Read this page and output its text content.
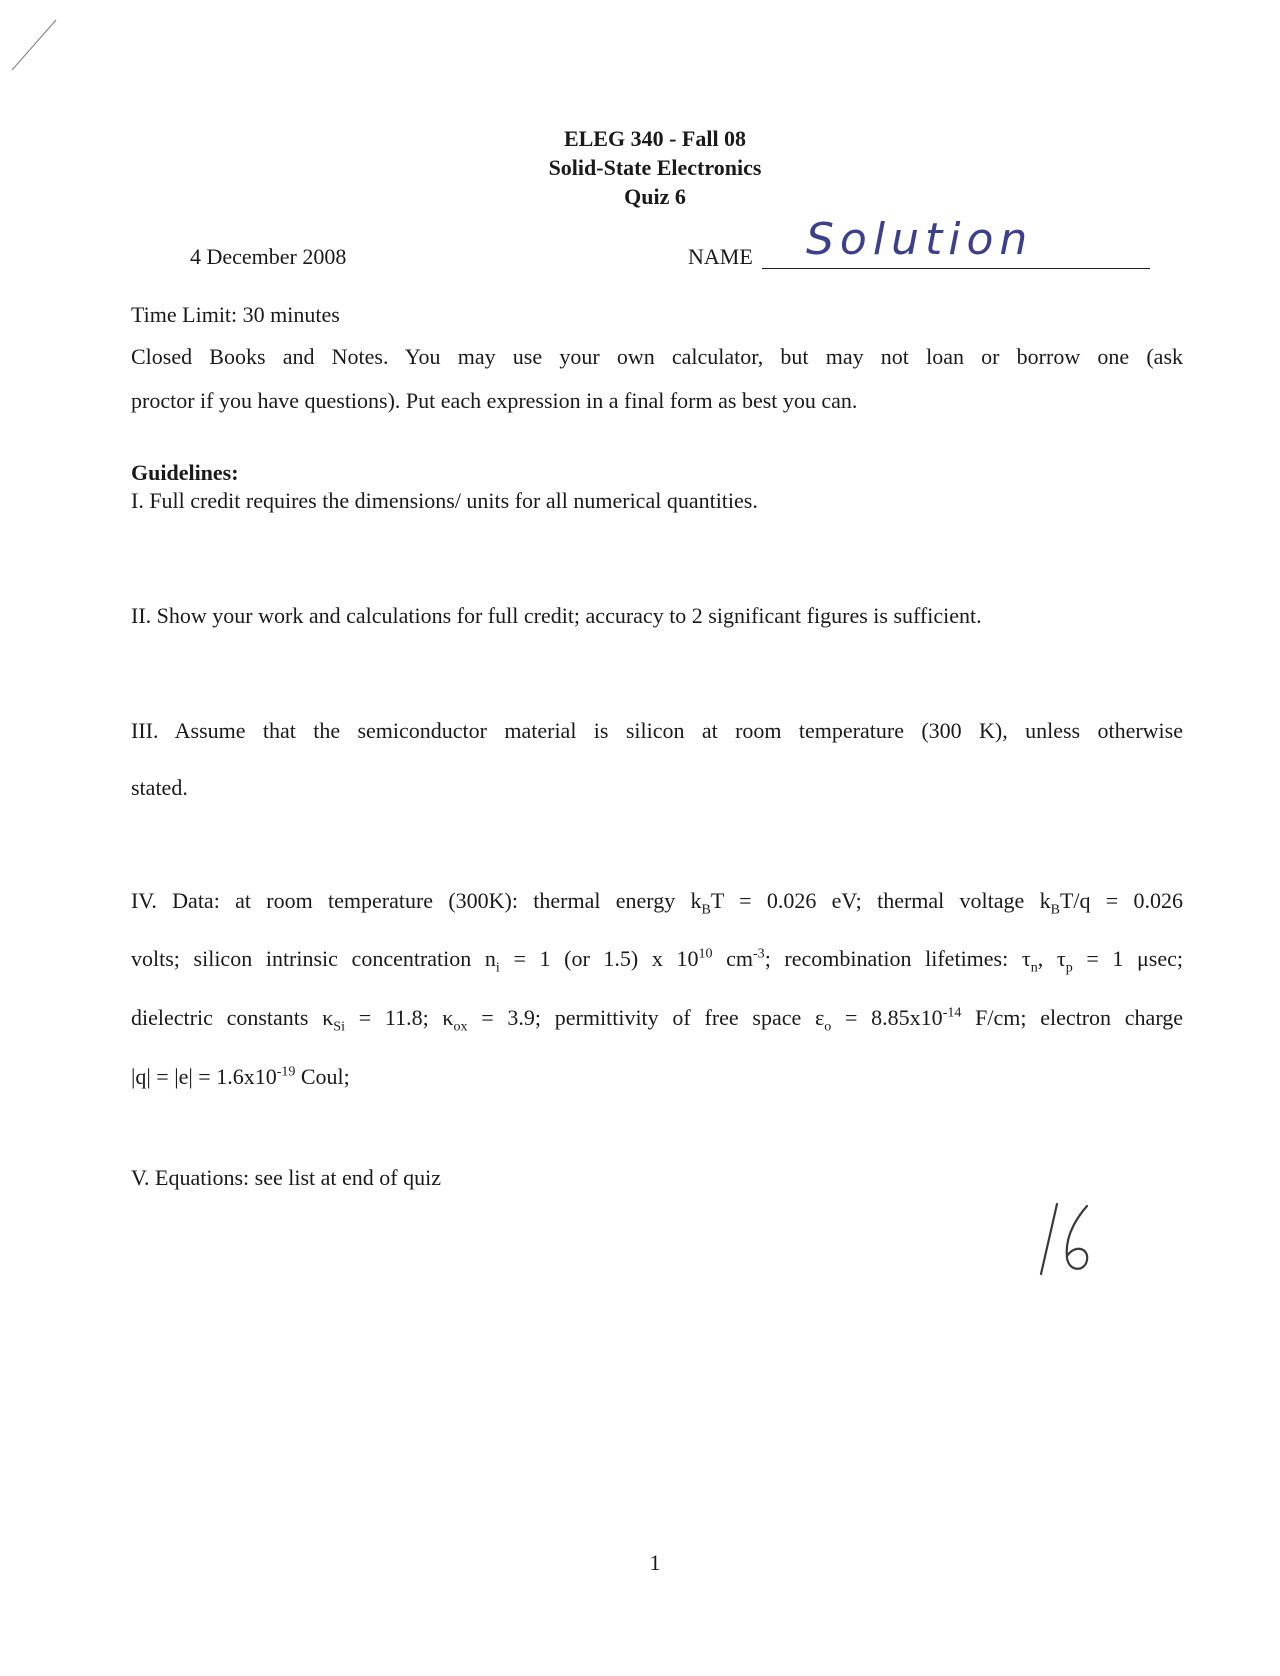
ELEG 340 - Fall 08
Solid-State Electronics
Quiz 6
4 December 2008	NAME Solution
Time Limit: 30 minutes
Closed Books and Notes. You may use your own calculator, but may not loan or borrow one (ask
proctor if you have questions). Put each expression in a final form as best you can.
Guidelines:
I. Full credit requires the dimensions/ units for all numerical quantities.
II. Show your work and calculations for full credit; accuracy to 2 significant figures is sufficient.
III. Assume that the semiconductor material is silicon at room temperature (300 K), unless otherwise
stated.
IV. Data: at room temperature (300K): thermal energy $k_BT = 0.026$ eV; thermal voltage $k_BT/q = 0.026$
volts; silicon intrinsic concentration $n_i = 1$ (or 1.5) x $10^{10}$ $cm^{-3}$; recombination lifetimes: $\tau_n$, $\tau_p = 1$ μsec;
dielectric constants $\kappa_{Si} = 11.8$; $\kappa_{ox} = 3.9$; permittivity of free space $\varepsilon_o = 8.85x10^{-14}$ F/cm; electron charge
$|q| = |e| = 1.6x10^{-19}$ Coul;
V. Equations: see list at end of quiz
16
1
